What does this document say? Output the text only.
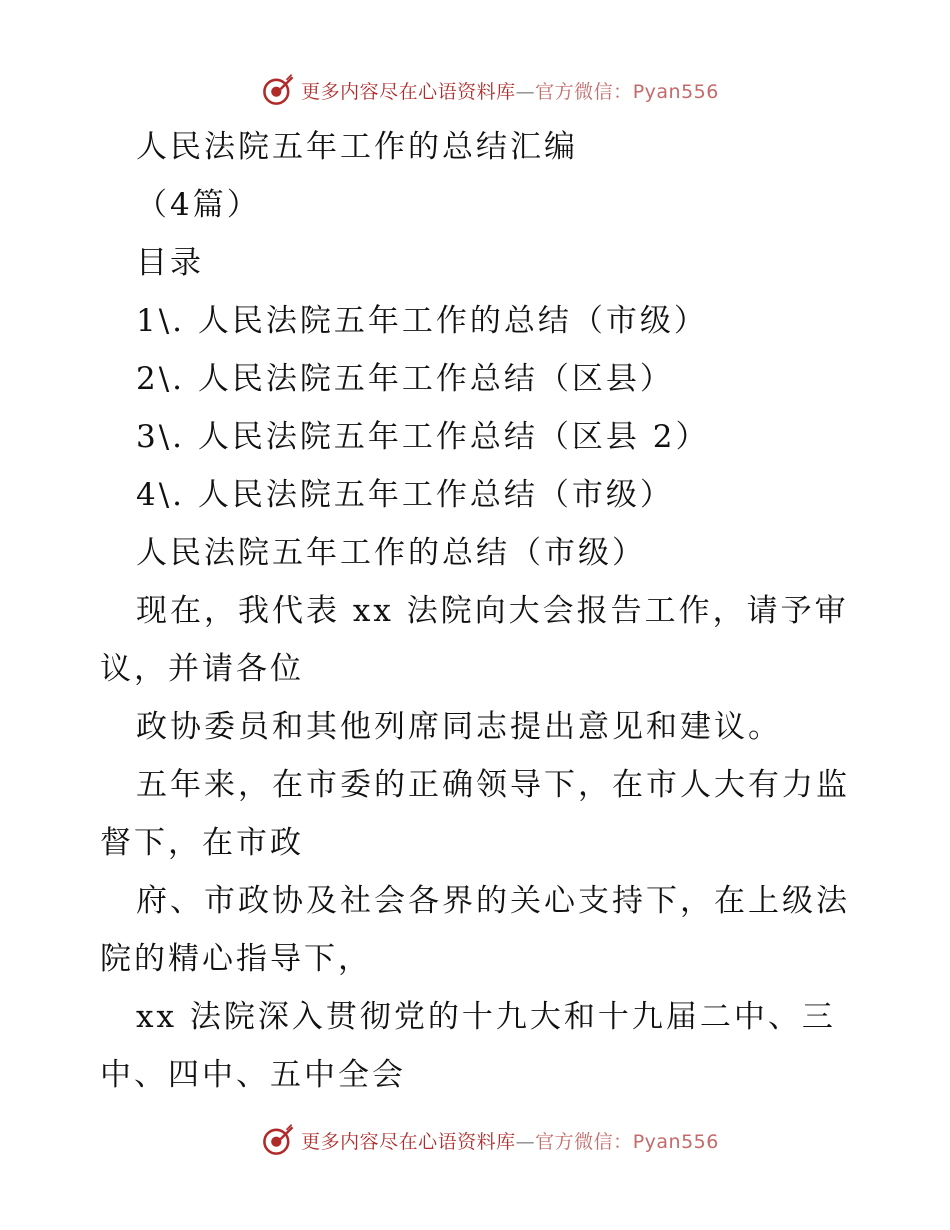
更多内容尽在心语资料库—官方微信：Pyan556

人民法院五年工作的总结汇编

（4篇）

目录

1\. 人民法院五年工作的总结（市级）

2\. 人民法院五年工作总结（区县）

3\. 人民法院五年工作总结（区县 2）

4\. 人民法院五年工作总结（市级）

人民法院五年工作的总结（市级）

现在，我代表 xx 法院向大会报告工作，请予审

议，并请各位

政协委员和其他列席同志提出意见和建议。

五年来，在市委的正确领导下，在市人大有力监

督下，在市政

府、市政协及社会各界的关心支持下，在上级法

院的精心指导下，

xx 法院深入贯彻党的十九大和十九届二中、三

中、四中、五中全会

更多内容尽在心语资料库—官方微信：Pyan556
